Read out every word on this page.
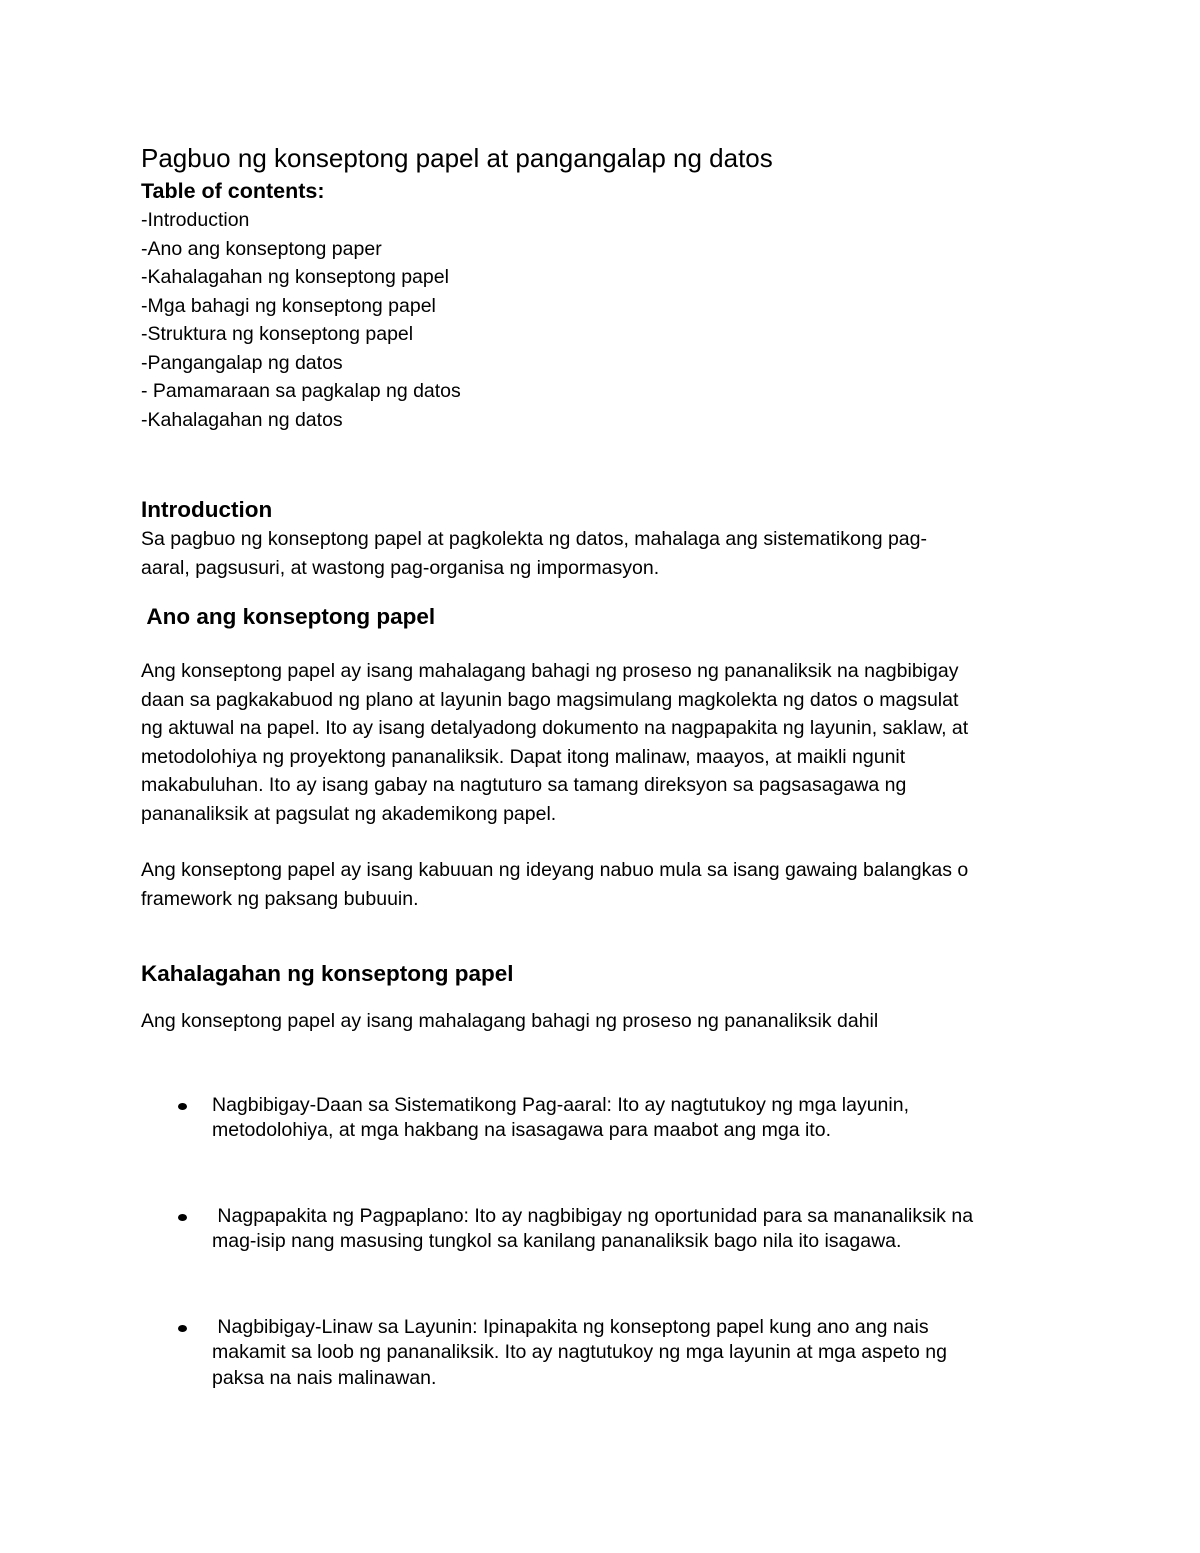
Pagbuo ng konseptong papel at pangangalap ng datos
Table of contents:
-Introduction
-Ano ang konseptong paper
-Kahalagahan ng konseptong papel
-Mga bahagi ng konseptong papel
-Struktura ng konseptong papel
-Pangangalap ng datos
- Pamamaraan sa pagkalap ng datos
-Kahalagahan ng datos
Introduction

Sa pagbuo ng konseptong papel at pagkolekta ng datos, mahalaga ang sistematikong pag-

aaral, pagsusuri, at wastong pag-organisa ng impormasyon.

Ano ang konseptong papel

Ang konseptong papel ay isang mahalagang bahagi ng proseso ng pananaliksik na nagbibigay

daan sa pagkakabuod ng plano at layunin bago magsimulang magkolekta ng datos o magsulat

ng aktuwal na papel. Ito ay isang detalyadong dokumento na nagpapakita ng layunin, saklaw, at

metodolohiya ng proyektong pananaliksik. Dapat itong malinaw, maayos, at maikli ngunit

makabuluhan. Ito ay isang gabay na nagtuturo sa tamang direksyon sa pagsasagawa ng

pananaliksik at pagsulat ng akademikong papel.

Ang konseptong papel ay isang kabuuan ng ideyang nabuo mula sa isang gawaing balangkas o

framework ng paksang bubuuin.

Kahalagahan ng konseptong papel

Ang konseptong papel ay isang mahalagang bahagi ng proseso ng pananaliksik dahil

Nagbibigay-Daan sa Sistematikong Pag-aaral: Ito ay nagtutukoy ng mga layunin,
metodolohiya, at mga hakbang na isasagawa para maabot ang mga ito.
Nagpapakita ng Pagpaplano: Ito ay nagbibigay ng oportunidad para sa mananaliksik na
mag-isip nang masusing tungkol sa kanilang pananaliksik bago nila ito isagawa.
Nagbibigay-Linaw sa Layunin: Ipinapakita ng konseptong papel kung ano ang nais
makamit sa loob ng pananaliksik. Ito ay nagtutukoy ng mga layunin at mga aspeto ng
paksa na nais malinawan.
